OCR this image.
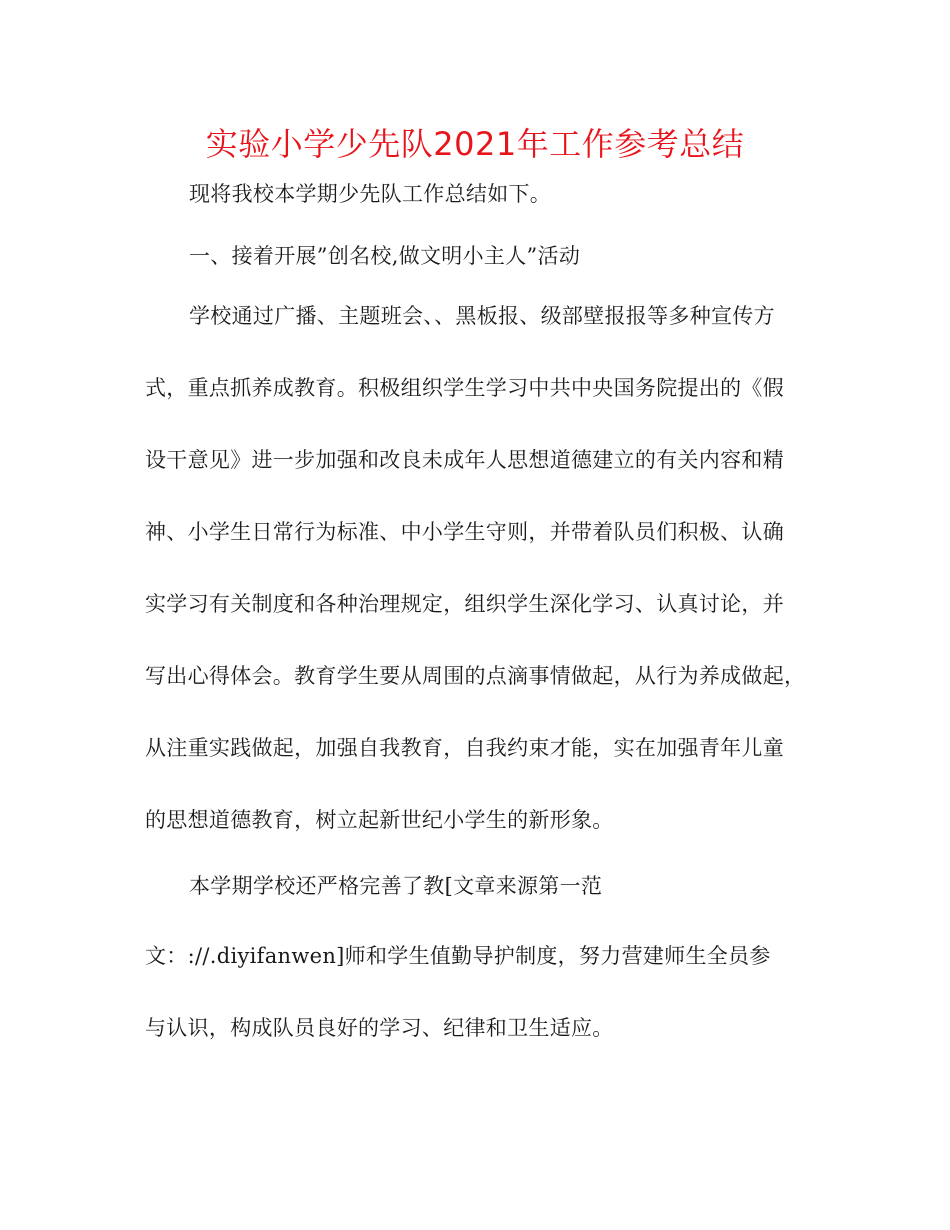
实验小学少先队2021年工作参考总结
现将我校本学期少先队工作总结如下。
一、接着开展”创名校,做文明小主人”活动
学校通过广播、主题班会、、黑板报、级部壁报报等多种宣传方
式，重点抓养成教育。积极组织学生学习中共中央国务院提出的《假
设干意见》进一步加强和改良未成年人思想道德建立的有关内容和精
神、小学生日常行为标准、中小学生守则，并带着队员们积极、认确
实学习有关制度和各种治理规定，组织学生深化学习、认真讨论，并
写出心得体会。教育学生要从周围的点滴事情做起，从行为养成做起，
从注重实践做起，加强自我教育，自我约束才能，实在加强青年儿童
的思想道德教育，树立起新世纪小学生的新形象。
本学期学校还严格完善了教[文章来源第一范
文：://.diyifanwen]师和学生值勤导护制度，努力营建师生全员参
与认识，构成队员良好的学习、纪律和卫生适应。
